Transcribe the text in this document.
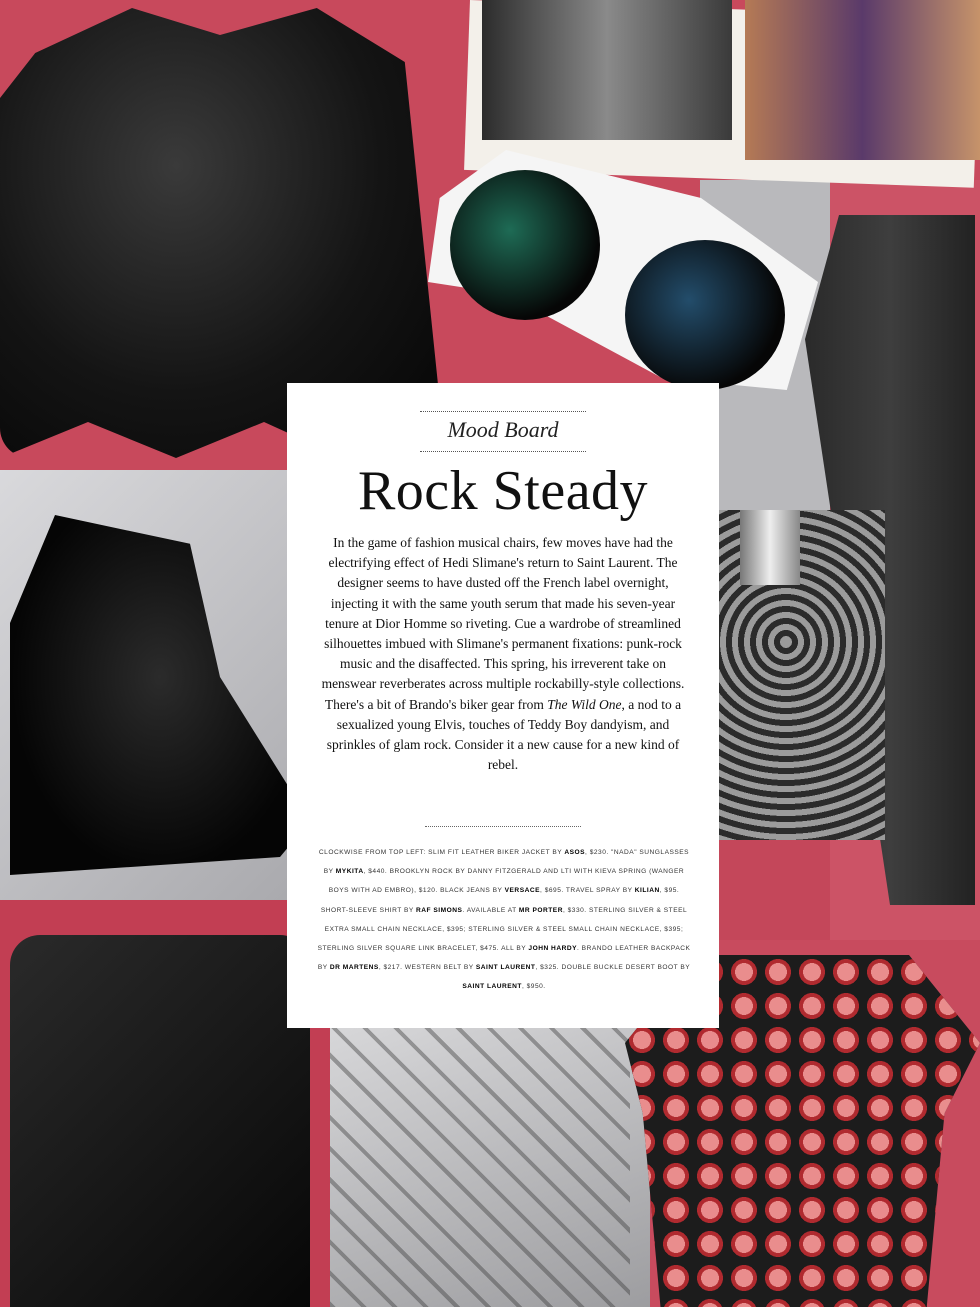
Mood Board
Rock Steady
In the game of fashion musical chairs, few moves have had the electrifying effect of Hedi Slimane's return to Saint Laurent. The designer seems to have dusted off the French label overnight, injecting it with the same youth serum that made his seven-year tenure at Dior Homme so riveting. Cue a wardrobe of streamlined silhouettes imbued with Slimane's permanent fixations: punk-rock music and the disaffected. This spring, his irreverent take on menswear reverberates across multiple rockabilly-style collections. There's a bit of Brando's biker gear from The Wild One, a nod to a sexualized young Elvis, touches of Teddy Boy dandyism, and sprinkles of glam rock. Consider it a new cause for a new kind of rebel.
CLOCKWISE FROM TOP LEFT: SLIM FIT LEATHER BIKER JACKET BY ASOS, $230. "NADA" SUNGLASSES BY MYKITA, $440. BROOKLYN ROCK BY DANNY FITZGERALD AND LTI WITH KIEVA SPRING (WANGER BOYS WITH AD EMBRO), $120. BLACK JEANS BY VERSACE, $695. TRAVEL SPRAY BY KILIAN, $95. SHORT-SLEEVE SHIRT BY RAF SIMONS. AVAILABLE AT MR PORTER, $330. STERLING SILVER & STEEL EXTRA SMALL CHAIN NECKLACE, $395; STERLING SILVER & STEEL SMALL CHAIN NECKLACE, $395; STERLING SILVER SQUARE LINK BRACELET, $475. ALL BY JOHN HARDY. BRANDO LEATHER BACKPACK BY DR MARTENS, $217. WESTERN BELT BY SAINT LAURENT, $325. DOUBLE BUCKLE DESERT BOOT BY SAINT LAURENT, $950.
